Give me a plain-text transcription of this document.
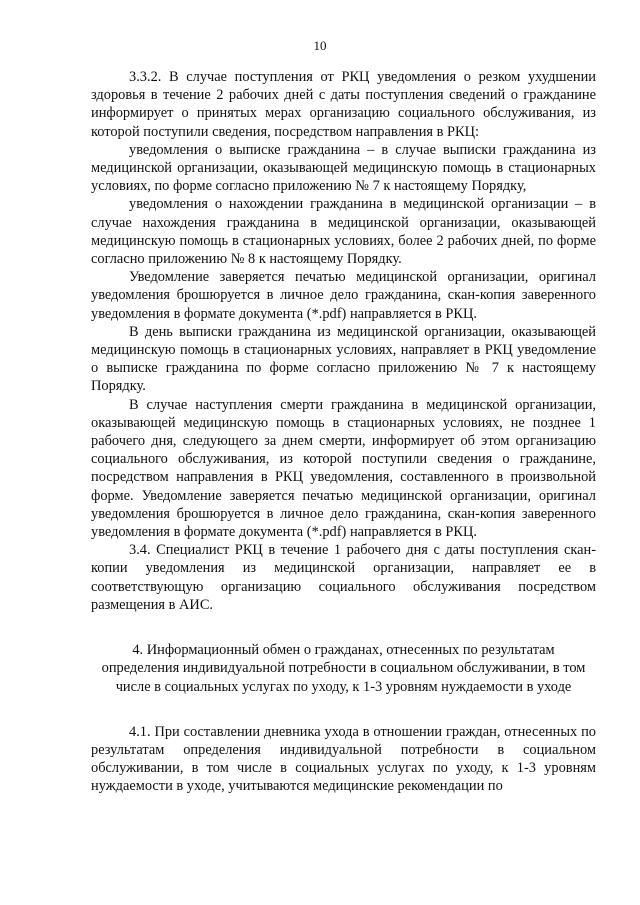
10

3.3.2. В случае поступления от РКЦ уведомления о резком ухудшении здоровья в течение 2 рабочих дней с даты поступления сведений о гражданине информирует о принятых мерах организацию социального обслуживания, из которой поступили сведения, посредством направления в РКЦ:

уведомления о выписке гражданина – в случае выписки гражданина из медицинской организации, оказывающей медицинскую помощь в стационарных условиях, по форме согласно приложению № 7 к настоящему Порядку,

уведомления о нахождении гражданина в медицинской организации – в случае нахождения гражданина в медицинской организации, оказывающей медицинскую помощь в стационарных условиях, более 2 рабочих дней, по форме согласно приложению № 8 к настоящему Порядку.

Уведомление заверяется печатью медицинской организации, оригинал уведомления брошюруется в личное дело гражданина, скан-копия заверенного уведомления в формате документа (*.pdf) направляется в РКЦ.

В день выписки гражданина из медицинской организации, оказывающей медицинскую помощь в стационарных условиях, направляет в РКЦ уведомление о выписке гражданина по форме согласно приложению № 7 к настоящему Порядку.

В случае наступления смерти гражданина в медицинской организации, оказывающей медицинскую помощь в стационарных условиях, не позднее 1 рабочего дня, следующего за днем смерти, информирует об этом организацию социального обслуживания, из которой поступили сведения о гражданине, посредством направления в РКЦ уведомления, составленного в произвольной форме. Уведомление заверяется печатью медицинской организации, оригинал уведомления брошюруется в личное дело гражданина, скан-копия заверенного уведомления в формате документа (*.pdf) направляется в РКЦ.

3.4. Специалист РКЦ в течение 1 рабочего дня с даты поступления скан-копии уведомления из медицинской организации, направляет ее в соответствующую организацию социального обслуживания посредством размещения в АИС.

4. Информационный обмен о гражданах, отнесенных по результатам определения индивидуальной потребности в социальном обслуживании, в том числе в социальных услугах по уходу, к 1-3 уровням нуждаемости в уходе

4.1. При составлении дневника ухода в отношении граждан, отнесенных по результатам определения индивидуальной потребности в социальном обслуживании, в том числе в социальных услугах по уходу, к 1-3 уровням нуждаемости в уходе, учитываются медицинские рекомендации по
